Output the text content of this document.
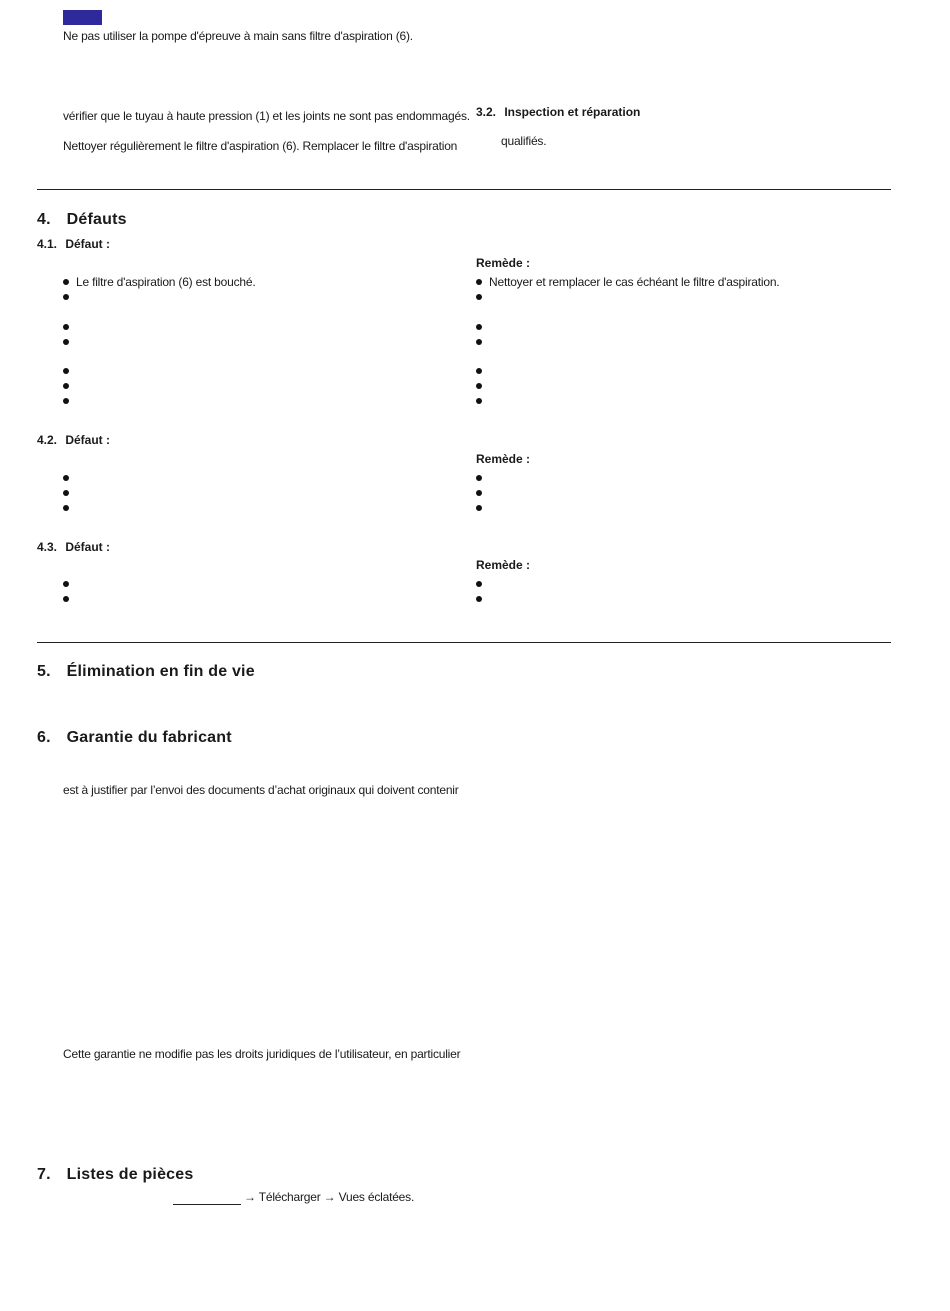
Ne pas utiliser la pompe d'épreuve à main sans filtre d'aspiration (6).
vérifier que le tuyau à haute pression (1) et les joints ne sont pas endommagés.
Nettoyer régulièrement le filtre d'aspiration (6). Remplacer le filtre d'aspiration
3.2. Inspection et réparation
qualifiés.
4. Défauts
4.1. Défaut :
Remède :
Le filtre d'aspiration (6) est bouché.	Nettoyer et remplacer le cas échéant le filtre d'aspiration.
4.2. Défaut :
Remède :
4.3. Défaut :
Remède :
5. Élimination en fin de vie
6. Garantie du fabricant
est à justifier par l’envoi des documents d’achat originaux qui doivent contenir
Cette garantie ne modifie pas les droits juridiques de l’utilisateur, en particulier
7. Listes de pièces
→ Télécharger → Vues éclatées.
